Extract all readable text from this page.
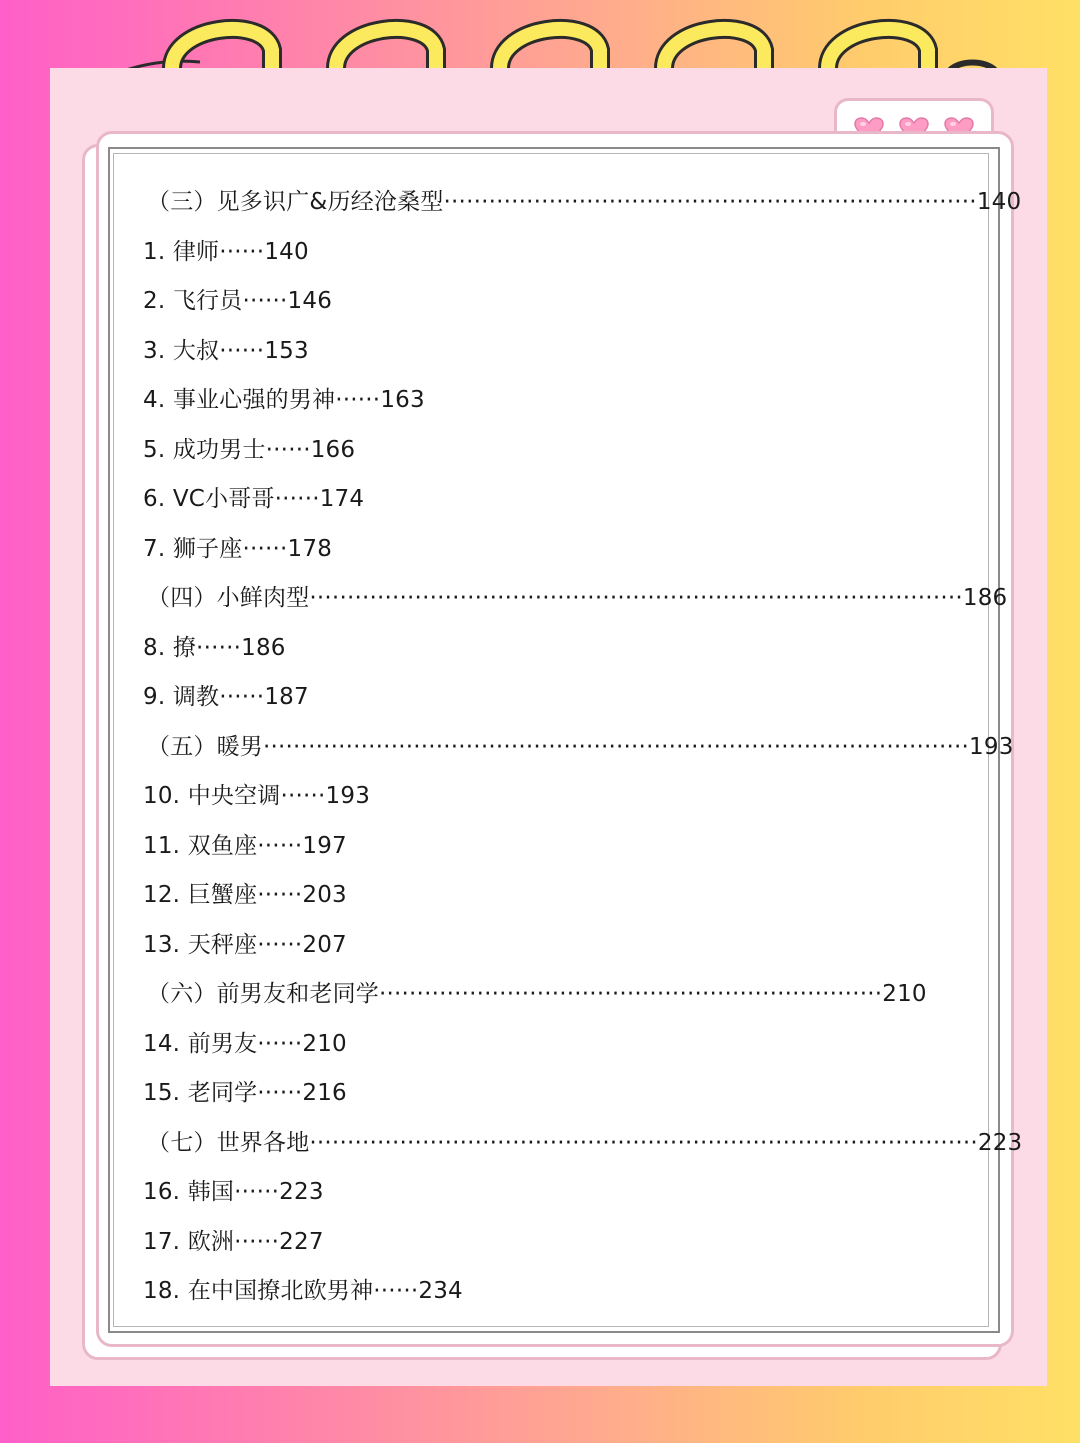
（三）见多识广&历经沧桑型·······································································140
1. 律师······140
2. 飞行员······146
3. 大叔······153
4. 事业心强的男神······163
5. 成功男士······166
6. VC小哥哥······174
7. 狮子座······178
（四）小鲜肉型·······················································································186
8. 撩······186
9. 调教······187
（五）暖男······························································································193
10. 中央空调······193
11. 双鱼座······197
12. 巨蟹座······203
13. 天秤座······207
（六）前男友和老同学···································································210
14. 前男友······210
15. 老同学······216
（七）世界各地·························································································223
16. 韩国······223
17. 欧洲······227
18. 在中国撩北欧男神······234
